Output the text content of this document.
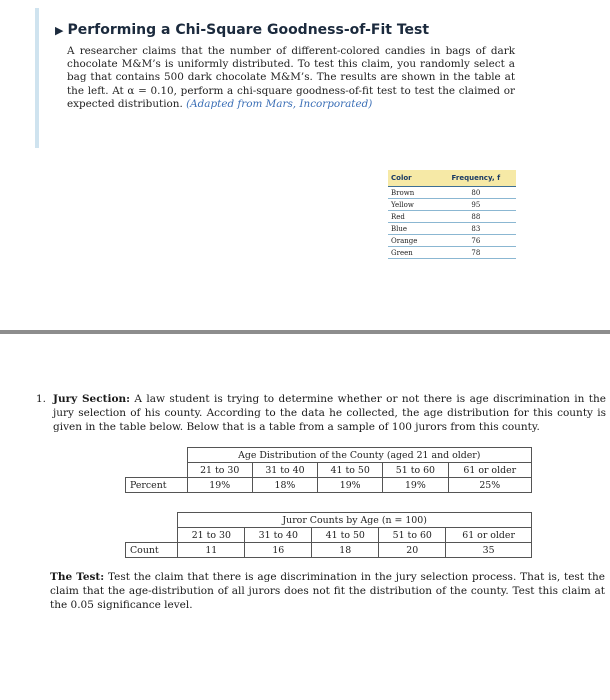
▶ Performing a Chi-Square Goodness-of-Fit Test
A researcher claims that the number of different-colored candies in bags of dark chocolate M&M’s is uniformly distributed. To test this claim, you randomly select a bag that contains 500 dark chocolate M&M’s. The results are shown in the table at the left. At α = 0.10, perform a chi-square goodness-of-fit test to test the claimed or expected distribution. (Adapted from Mars, Incorporated)
Color	Frequency, f
Brown	80
Yellow	95
Red	88
Blue	83
Orange	76
Green	78
1. Jury Section: A law student is trying to determine whether or not there is age discrimination in the jury selection of his county. According to the data he collected, the age distribution for this county is given in the table below. Below that is a table from a sample of 100 jurors from this county.
	Age Distribution of the County (aged 21 and older)				
	21 to 30	31 to 40	41 to 50	51 to 60	61 or older
Percent	19%	18%	19%	19%	25%
	Juror Counts by Age (n = 100)				
	21 to 30	31 to 40	41 to 50	51 to 60	61 or older
Count	11	16	18	20	35
The Test: Test the claim that there is age discrimination in the jury selection process. That is, test the claim that the age-distribution of all jurors does not fit the distribution of the county. Test this claim at the 0.05 significance level.
